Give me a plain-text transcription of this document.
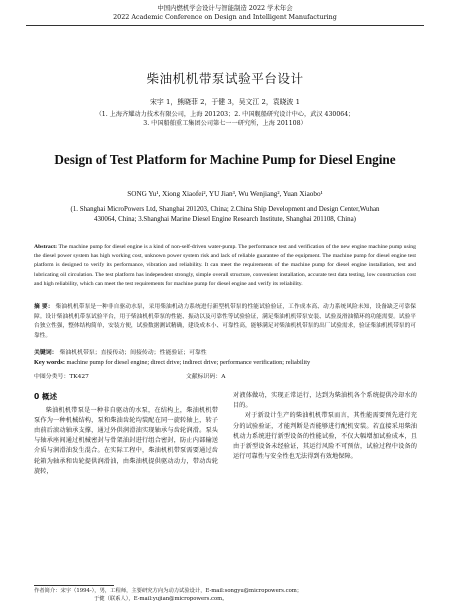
中国内燃机学会设计与智能制造 2022 学术年会
2022 Academic Conference on Design and Intelligent Manufacturing
柴油机机带泵试验平台设计
宋宇 1，熊晓菲 2，于健 3，吴文江 2，袁晓波 1
（1. 上海齐耀动力技术有限公司，上海 201203；2. 中国舰船研究设计中心，武汉 430064；
3. 中国船舶重工集团公司第七一一研究所，上海 201108）
Design of Test Platform for Machine Pump for Diesel Engine
SONG Yu¹, Xiong Xiaofei², YU Jian³, Wu Wenjiang², Yuan Xiaobo¹
(1. Shanghai MicroPowers Ltd, Shanghai 201203, China; 2.China Ship Development and Design Center,Wuhan 430064, China; 3.Shanghai Marine Diesel Engine Research Institute, Shanghai 201108, China)
Abstract: The machine pump for diesel engine is a kind of non-self-driven water-pump. The performance test and verification of the new engine machine pump using the diesel power system has high working cost, unknown power system risk and lack of reliable guarantee of the equipment. The machine pump for diesel engine test platform is designed to verify its performance, vibration and reliability. It can meet the requirements of the machine pump for diesel engine installation, test and lubricating oil circulation. The test platform has independent strongly, simple overall structure, convenient installation, accurate test data testing, low construction cost and high reliability, which can meet the test requirements for machine pump for diesel engine and verify its reliability.
摘 要： 柴油机机带泵是一种非自驱动水泵，采用柴油机动力系统进行新型机带泵的性能试验验证，工作成本高、动力系统风险未知，设备缺乏可靠保障。设计柴油机机带泵试验平台，用于柴油机机带泵的性能、振动以及可靠性等试验验证，满足柴油机机带泵安装、试验及滑油循环的功能需要。试验平台独立性强，整体结构简单，安装方便，试验数据测试精确，建设成本小、可靠性高，能够满足对柴油机机带泵的出厂试验需求，验证柴油机机带泵的可靠性。
关键词： 柴油机机带泵；直接传动；间接传动；性能验证；可靠性
Key words: machine pump for diesel engine; direct drive; indirect drive; performance verification; reliability
中图分类号：TK427	文献标识码：A
0 概述
柴油机机带泵是一种非自驱动的水泵，在结构上，柴油机机带泵作为一种机械结构，泵和柴油齿轮均装配在同一旋转轴上，转子由前后滚动轴承支撑，通过外供润滑油实现轴承与齿轮润滑。泵头与轴承座间通过机械密封与骨架油封进行组合密封，防止内部输送介质与润滑油发生混合。在实际工程中，柴油机机带泵需要通过齿轮箱为轴承和齿轮提供润滑油，由柴油机提供驱动动力，带动齿轮旋转，
对液体做功，实现正常运行，达到为柴油机各个系统提供冷却水的目的。
对于新设计生产的柴油机机带泵而言，其性能需要预先进行充分的试验验证，才能判断是否能够进行配机安装。若直接采用柴油机动力系统进行新型设备的性能试验，不仅大幅增加试验成本，且由于新型设备未经验证，其运行风险不可预估，试验过程中设备的运行可靠性与安全性也无法得到有效地保障。
作者简介：宋宇（1994-），男，工程师，主要研究方向为动力试验设计，E-mail:songyu@micropowers.com；
于健（联系人），E-mail:yujian@micropowers.com。
